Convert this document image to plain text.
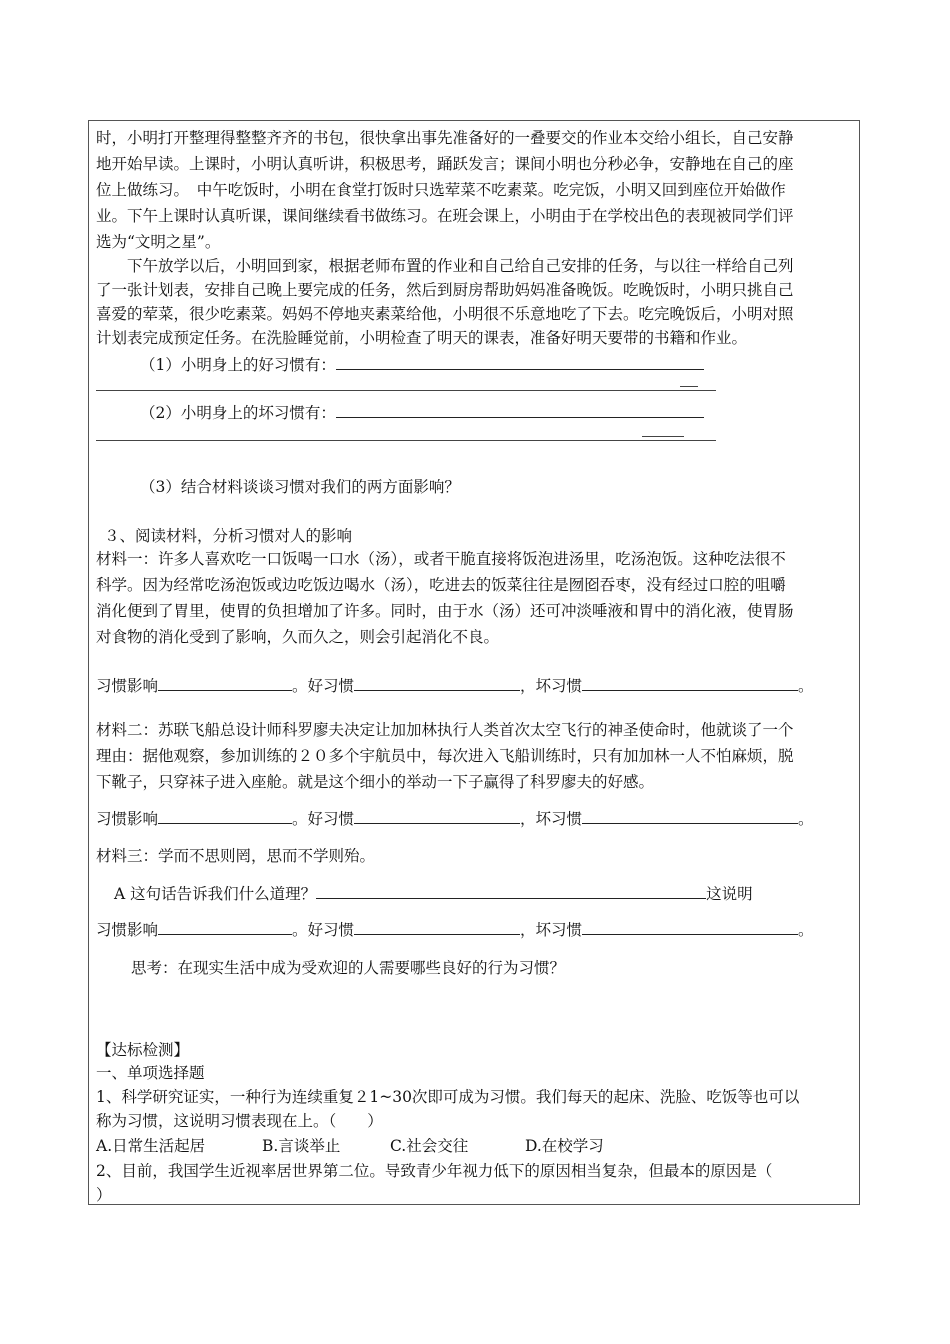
时，小明打开整理得整整齐齐的书包，很快拿出事先准备好的一叠要交的作业本交给小组长，自己安静
地开始早读。上课时，小明认真听讲，积极思考，踊跃发言；课间小明也分秒必争，安静地在自己的座
位上做练习。　中午吃饭时，小明在食堂打饭时只选荤菜不吃素菜。吃完饭，小明又回到座位开始做作
业。下午上课时认真听课，课间继续看书做练习。在班会课上，小明由于在学校出色的表现被同学们评
选为“文明之星”。
　　下午放学以后，小明回到家，根据老师布置的作业和自己给自己安排的任务，与以往一样给自己列
了一张计划表，安排自己晚上要完成的任务，然后到厨房帮助妈妈准备晚饭。吃晚饭时，小明只挑自己
喜爱的荤菜，很少吃素菜。妈妈不停地夹素菜给他，小明很不乐意地吃了下去。吃完晚饭后，小明对照
计划表完成预定任务。在洗脸睡觉前，小明检查了明天的课表，准备好明天要带的书籍和作业。
（1）小明身上的好习惯有：
（2）小明身上的坏习惯有：
（3）结合材料谈谈习惯对我们的两方面影响？
３、阅读材料，分析习惯对人的影响
材料一：许多人喜欢吃一口饭喝一口水（汤），或者干脆直接将饭泡进汤里，吃汤泡饭。这种吃法很不
科学。因为经常吃汤泡饭或边吃饭边喝水（汤），吃进去的饭菜往往是囫囵吞枣，没有经过口腔的咀嚼
消化便到了胃里，使胃的负担增加了许多。同时，由于水（汤）还可冲淡唾液和胃中的消化液，使胃肠
对食物的消化受到了影响，久而久之，则会引起消化不良。
习惯影响	。好习惯	，坏习惯	。
材料二：苏联飞船总设计师科罗廖夫决定让加加林执行人类首次太空飞行的神圣使命时，他就谈了一个
理由：据他观察，参加训练的２０多个宇航员中，每次进入飞船训练时，只有加加林一人不怕麻烦，脱
下靴子，只穿袜子进入座舱。就是这个细小的举动一下子赢得了科罗廖夫的好感。
习惯影响	。好习惯	，坏习惯	。
材料三：学而不思则罔，思而不学则殆。
A 这句话告诉我们什么道理？	这说明
习惯影响	。好习惯	，坏习惯	。
思考：在现实生活中成为受欢迎的人需要哪些良好的行为习惯？
【达标检测】
一、单项选择题
1、科学研究证实，一种行为连续重复２1~30次即可成为习惯。我们每天的起床、洗脸、吃饭等也可以
称为习惯，这说明习惯表现在上。（　　）
A.日常生活起居	B.言谈举止	C.社会交往	D.在校学习
2、目前，我国学生近视率居世界第二位。导致青少年视力低下的原因相当复杂，但最本的原因是（
）
